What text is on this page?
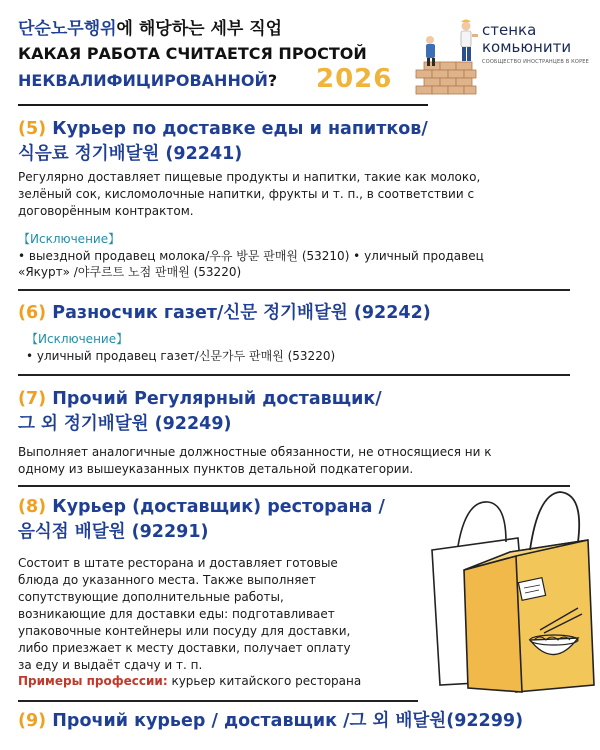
단순노무행위에 해당하는 세부 직업
КАКАЯ РАБОТА СЧИТАЕТСЯ ПРОСТОЙ
НЕКВАЛИФИЦИРОВАННОЙ? 2026
стенка комьюнити
СООБЩЕСТВО ИНОСТРАНЦЕВ В КОРЕЕ
(5) Курьер по доставке еды и напитков/
식음료 정기배달원 (92241)
Регулярно доставляет пищевые продукты и напитки, такие как молоко,
зелёный сок, кисломолочные напитки, фрукты и т. п., в соответствии с
договорённым контрактом.
【Исключение】
• выездной продавец молока/우유 방문 판매원 (53210) • уличный продавец
«Якурт» /야쿠르트 노점 판매원 (53220)
(6) Разносчик газет/신문 정기배달원 (92242)
【Исключение】
• уличный продавец газет/신문가두 판매원 (53220)
(7) Прочий Регулярный доставщик/
그 외 정기배달원 (92249)
Выполняет аналогичные должностные обязанности, не относящиеся ни к
одному из вышеуказанных пунктов детальной подкатегории.
(8) Курьер (доставщик) ресторана /
음식점 배달원 (92291)
Состоит в штате ресторана и доставляет готовые
блюда до указанного места. Также выполняет
сопутствующие дополнительные работы,
возникающие для доставки еды: подготавливает
упаковочные контейнеры или посуду для доставки,
либо приезжает к месту доставки, получает оплату
за еду и выдаёт сдачу и т. п.
Примеры профессии: курьер китайского ресторана
(9) Прочий курьер / доставщик /그 외 배달원(92299)
